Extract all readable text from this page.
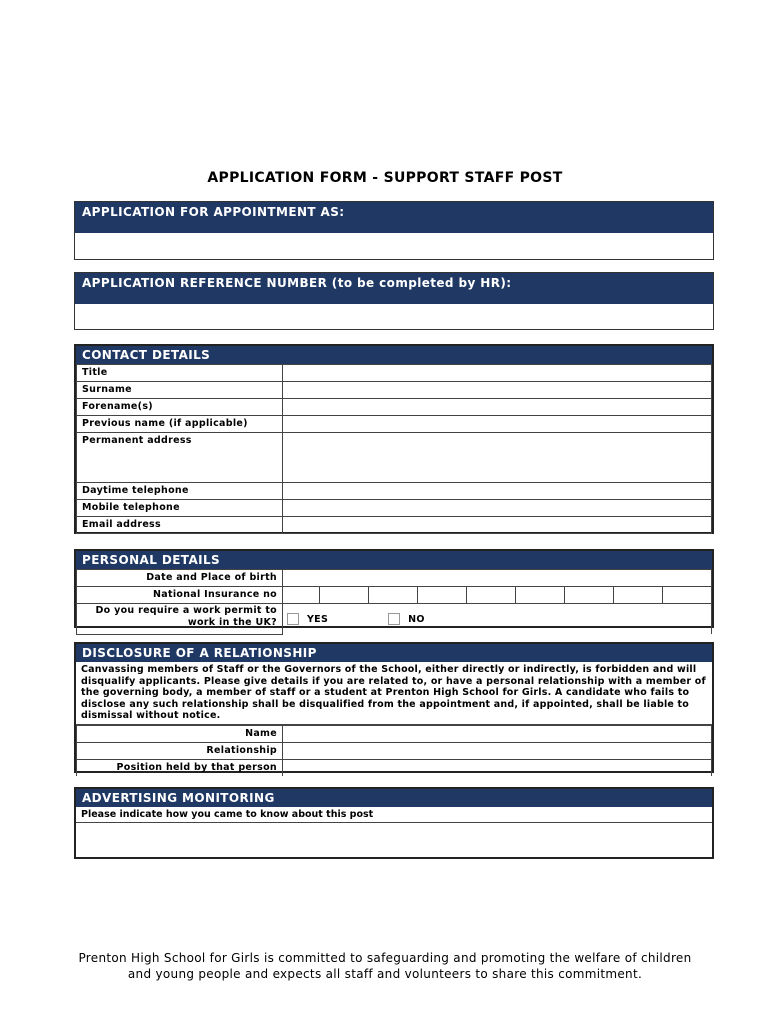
APPLICATION FORM - SUPPORT STAFF POST
APPLICATION FOR APPOINTMENT AS:
APPLICATION REFERENCE NUMBER (to be completed by HR):
CONTACT DETAILS
Title	
Surname	
Forename(s)	
Previous name (if applicable)	
Permanent address	
Daytime telephone	
Mobile telephone	
Email address	
PERSONAL DETAILS
Date and Place of birth	
National Insurance no	

Do you require a work permit to work in the UK?	YES NO
DISCLOSURE OF A RELATIONSHIP
Canvassing members of Staff or the Governors of the School, either directly or indirectly, is forbidden and will disqualify applicants. Please give details if you are related to, or have a personal relationship with a member of the governing body, a member of staff or a student at Prenton High School for Girls. A candidate who fails to disclose any such relationship shall be disqualified from the appointment and, if appointed, shall be liable to dismissal without notice.
Name	
Relationship	
Position held by that person	
ADVERTISING MONITORING
Please indicate how you came to know about this post
Prenton High School for Girls is committed to safeguarding and promoting the welfare of children
and young people and expects all staff and volunteers to share this commitment.
